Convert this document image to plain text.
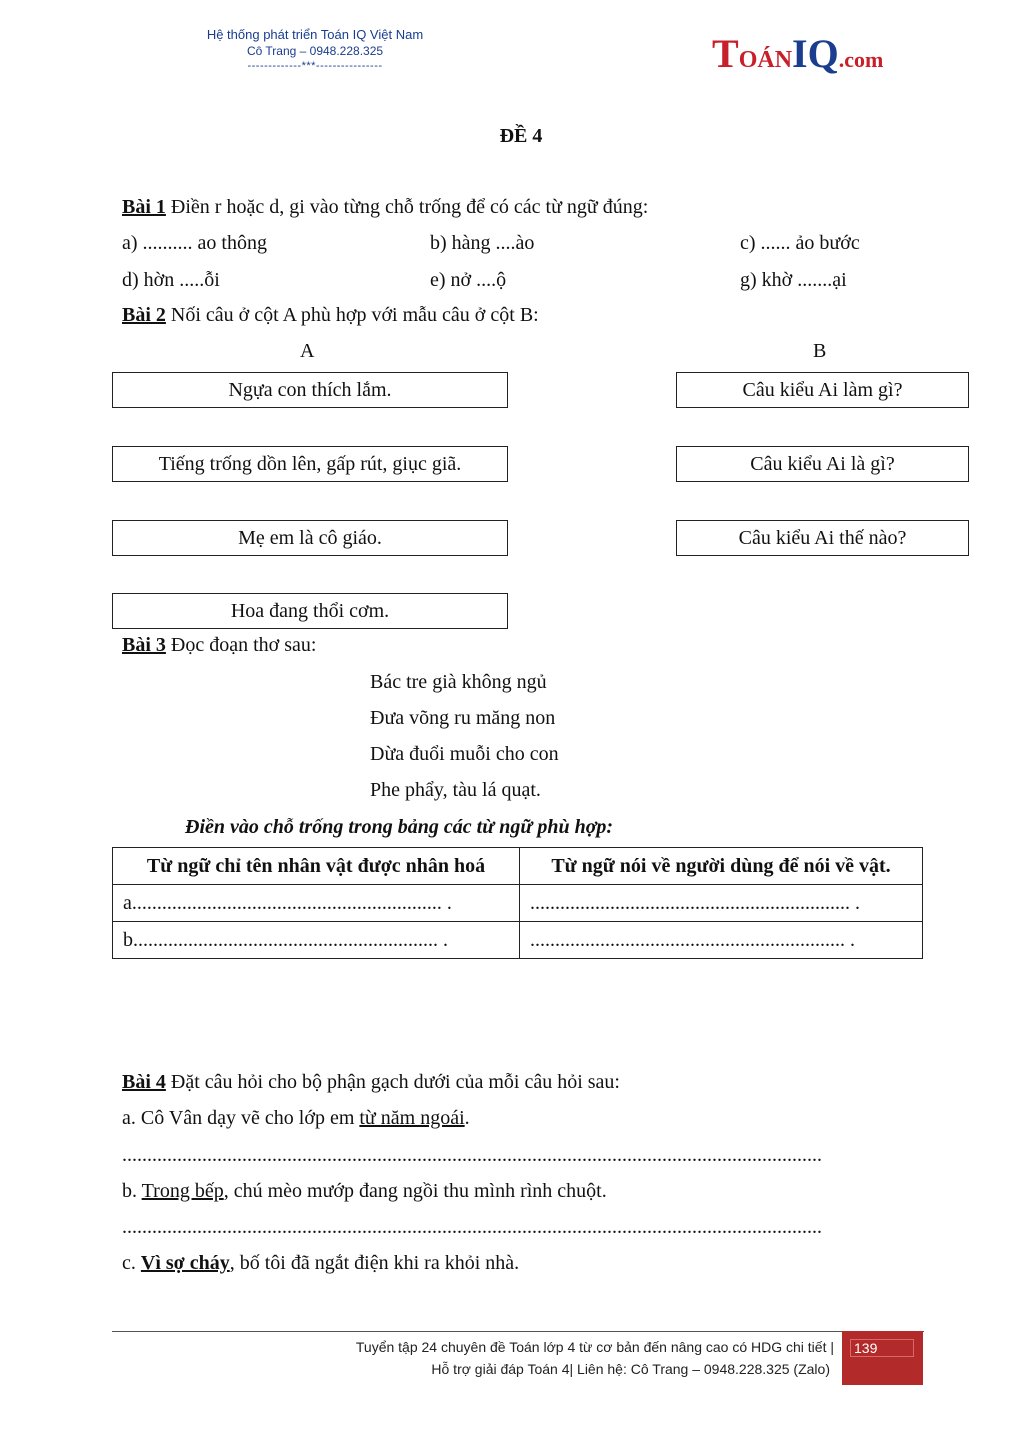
Hệ thống phát triển Toán IQ Việt Nam
Cô Trang – 0948.228.325
-------------***----------------	TOÁNIQ.com
ĐỀ 4
Bài 1 Điền r hoặc d, gi vào từng chỗ trống để có các từ ngữ đúng:
a) .......... ao thông	b) hàng ....ào	c) ...... ảo bước
d) hờn .....ỗi	e) nở ....ộ	g) khờ .......ại
Bài 2 Nối câu ở cột A phù hợp với mẫu câu ở cột B:
A	B
Ngựa con thích lắm.
Tiếng trống dồn lên, gấp rút, giục giã.
Mẹ em là cô giáo.
Hoa đang thổi cơm.
Câu kiểu Ai làm gì?
Câu kiểu Ai là gì?
Câu kiểu Ai thế nào?
Bài 3 Đọc đoạn thơ sau:
Bác tre già không ngủ
Đưa võng ru măng non
Dừa đuổi muỗi cho con
Phe phẩy, tàu lá quạt.
Điền vào chỗ trống trong bảng các từ ngữ phù hợp:
Từ ngữ chỉ tên nhân vật được nhân hoá	Từ ngữ nói về người dùng để nói về vật.
a.............................................................. .	................................................................ .
b............................................................. .	............................................................... .
Bài 4 Đặt câu hỏi cho bộ phận gạch dưới của mỗi câu hỏi sau:
a. Cô Vân dạy vẽ cho lớp em từ năm ngoái.
............................................................................................................................................
b. Trong bếp, chú mèo mướp đang ngồi thu mình rình chuột.
............................................................................................................................................
c. Vì sợ cháy, bố tôi đã ngắt điện khi ra khỏi nhà.
139
Tuyển tập 24 chuyên đề Toán lớp 4 từ cơ bản đến nâng cao có HDG chi tiết |
Hỗ trợ giải đáp Toán 4| Liên hệ: Cô Trang – 0948.228.325 (Zalo)
